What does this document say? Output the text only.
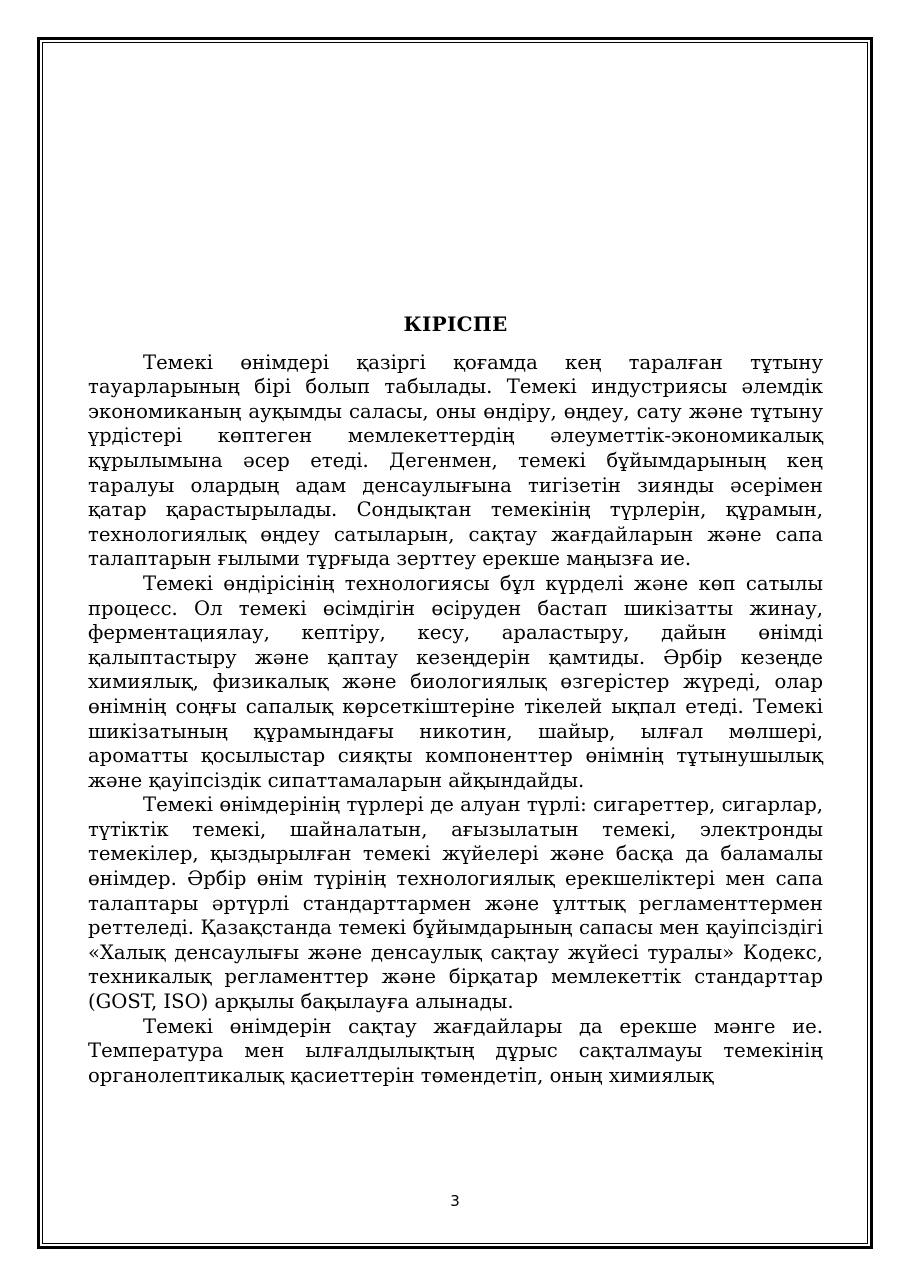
КІРІСПЕ

Темекі өнімдері қазіргі қоғамда кең таралған тұтыну тауарларының бірі болып табылады. Темекі индустриясы әлемдік экономиканың ауқымды саласы, оны өндіру, өңдеу, сату және тұтыну үрдістері көптеген мемлекеттердің әлеуметтік-экономикалық құрылымына әсер етеді. Дегенмен, темекі бұйымдарының кең таралуы олардың адам денсаулығына тигізетін зиянды әсерімен қатар қарастырылады. Сондықтан темекінің түрлерін, құрамын, технологиялық өңдеу сатыларын, сақтау жағдайларын және сапа талаптарын ғылыми тұрғыда зерттеу ерекше маңызға ие.

Темекі өндірісінің технологиясы бұл күрделі және көп сатылы процесс. Ол темекі өсімдігін өсіруден бастап шикізатты жинау, ферментациялау, кептіру, кесу, араластыру, дайын өнімді қалыптастыру және қаптау кезеңдерін қамтиды. Әрбір кезеңде химиялық, физикалық және биологиялық өзгерістер жүреді, олар өнімнің соңғы сапалық көрсеткіштеріне тікелей ықпал етеді. Темекі шикізатының құрамындағы никотин, шайыр, ылғал мөлшері, ароматты қосылыстар сияқты компоненттер өнімнің тұтынушылық және қауіпсіздік сипаттамаларын айқындайды.

Темекі өнімдерінің түрлері де алуан түрлі: сигареттер, сигарлар, түтіктік темекі, шайналатын, ағызылатын темекі, электронды темекілер, қыздырылған темекі жүйелері және басқа да баламалы өнімдер. Әрбір өнім түрінің технологиялық ерекшеліктері мен сапа талаптары әртүрлі стандарттармен және ұлттық регламенттермен реттеледі. Қазақстанда темекі бұйымдарының сапасы мен қауіпсіздігі «Халық денсаулығы және денсаулық сақтау жүйесі туралы» Кодекс, техникалық регламенттер және бірқатар мемлекеттік стандарттар (GOST, ISO) арқылы бақылауға алынады.

Темекі өнімдерін сақтау жағдайлары да ерекше мәнге ие. Температура мен ылғалдылықтың дұрыс сақталмауы темекінің органолептикалық қасиеттерін төмендетіп, оның химиялық

3
